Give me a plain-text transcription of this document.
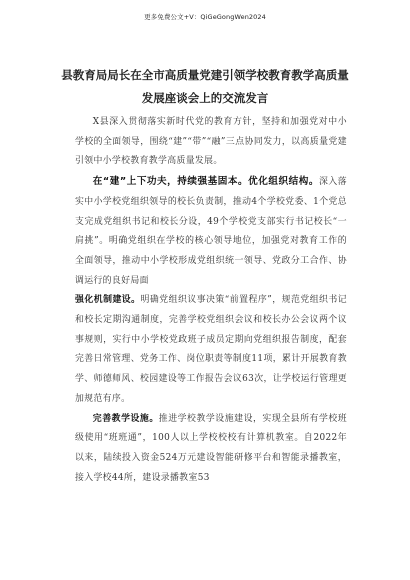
更多免费公文+V：QiGeGongWen2024
县教育局局长在全市高质量党建引领学校教育教学高质量
发展座谈会上的交流发言

X县深入贯彻落实新时代党的教育方针，坚持和加强党对中小学校的全面领导，围绕“建”“带”“融”三点协同发力，以高质量党建引领中小学校教育教学高质量发展。

在“建”上下功夫，持续强基固本。优化组织结构。深入落实中小学校党组织领导的校长负责制，推动4个学校党委、1个党总支完成党组织书记和校长分设，49个学校党支部实行书记校长“一肩挑”。明确党组织在学校的核心领导地位，加强党对教育工作的全面领导，推动中小学校形成党组织统一领导、党政分工合作、协调运行的良好局面

强化机制建设。明确党组织议事决策“前置程序”，规范党组织书记和校长定期沟通制度，完善学校党组织会议和校长办公会议两个议事规则，实行中小学校党政班子成员定期向党组织报告制度，配套完善日常管理、党务工作、岗位职责等制度11项，累计开展教育教学、师德师风、校园建设等工作报告会议63次，让学校运行管理更加规范有序。

完善教学设施。推进学校教学设施建设，实现全县所有学校班级使用“班班通”，100人以上学校校校有计算机教室。自2022年以来，陆续投入资金524万元建设智能研修平台和智能录播教室，接入学校44所，建设录播教室53
